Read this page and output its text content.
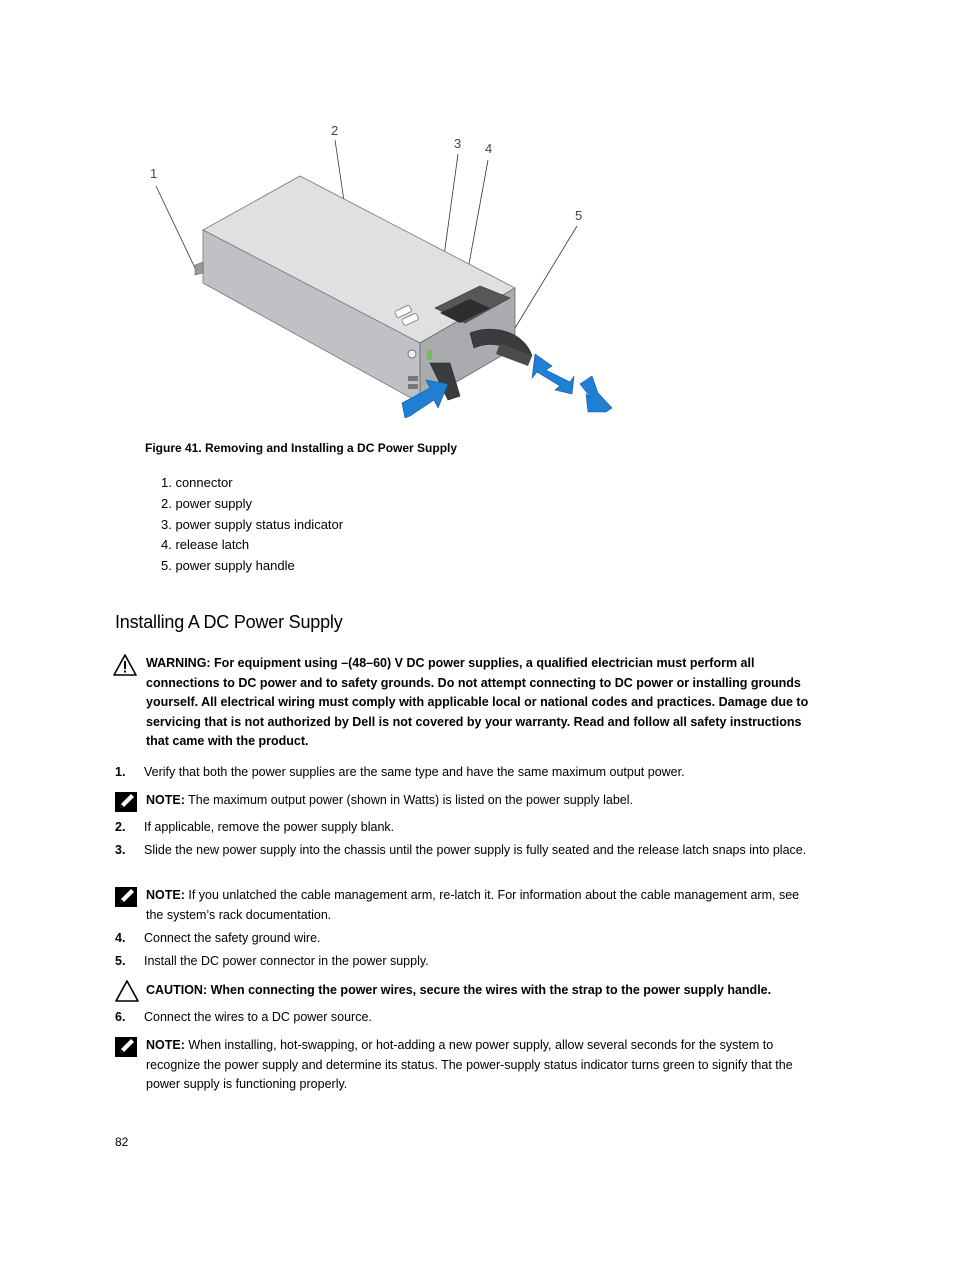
1
2
3 4
5
Figure 41. Removing and Installing a DC Power Supply
1. connector
2. power supply
3. power supply status indicator
4. release latch
5. power supply handle
Installing A DC Power Supply
WARNING: For equipment using –(48–60) V DC power supplies, a qualified electrician must perform all connections to DC power and to safety grounds. Do not attempt connecting to DC power or installing grounds yourself. All electrical wiring must comply with applicable local or national codes and practices. Damage due to servicing that is not authorized by Dell is not covered by your warranty. Read and follow all safety instructions that came with the product.
1. Verify that both the power supplies are the same type and have the same maximum output power.
NOTE: The maximum output power (shown in Watts) is listed on the power supply label.
2. If applicable, remove the power supply blank.
3. Slide the new power supply into the chassis until the power supply is fully seated and the release latch snaps into place.
NOTE: If you unlatched the cable management arm, re-latch it. For information about the cable management arm, see the system’s rack documentation.
4. Connect the safety ground wire.
5. Install the DC power connector in the power supply.
CAUTION: When connecting the power wires, secure the wires with the strap to the power supply handle.
6. Connect the wires to a DC power source.
NOTE: When installing, hot-swapping, or hot-adding a new power supply, allow several seconds for the system to recognize the power supply and determine its status. The power-supply status indicator turns green to signify that the power supply is functioning properly.
82
